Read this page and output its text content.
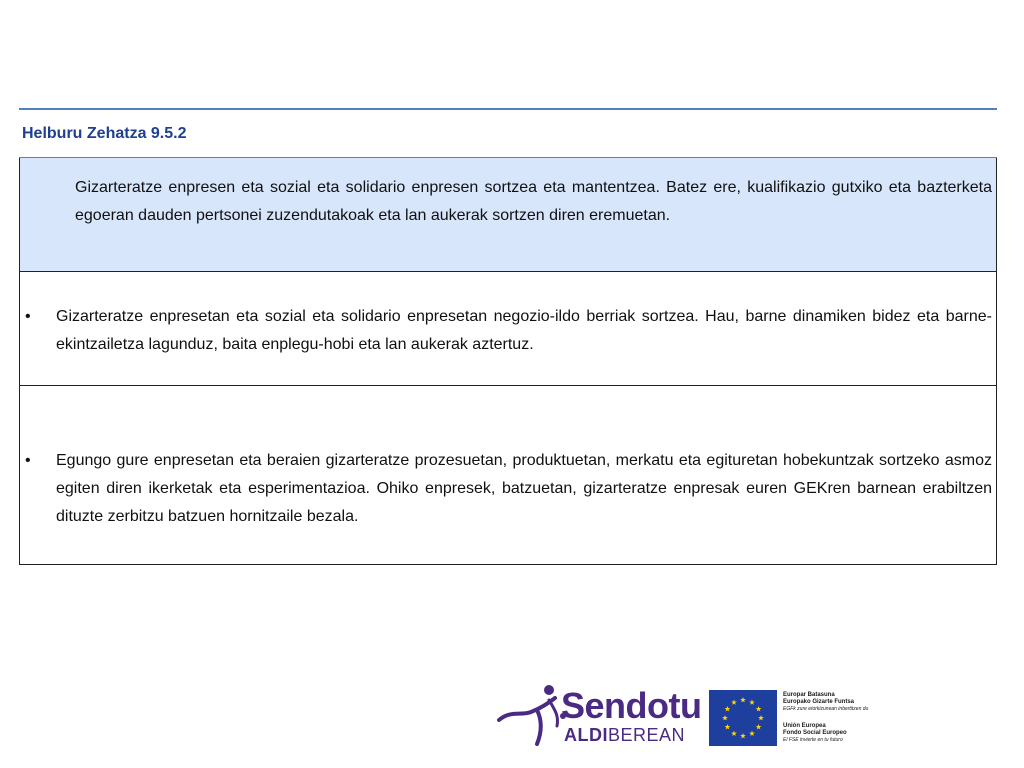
Helburu Zehatza 9.5.2
Gizarteratze enpresen eta sozial eta solidario enpresen sortzea eta mantentzea. Batez ere, kualifikazio gutxiko eta bazterketa egoeran dauden pertsonei zuzendutakoak eta lan aukerak sortzen diren eremuetan.
• Gizarteratze enpresetan eta sozial eta solidario enpresetan negozio-ildo berriak sortzea. Hau, barne dinamiken bidez eta barne-ekintzailetza lagunduz, baita enplegu-hobi eta lan aukerak aztertuz.
• Egungo gure enpresetan eta beraien gizarteratze prozesuetan, produktuetan, merkatu eta egituretan hobekuntzak sortzeko asmoz egiten diren ikerketak eta esperimentazioa. Ohiko enpresek, batzuetan, gizarteratze enpresak euren GEKren barnean erabiltzen dituzte zerbitzu batzuen hornitzaile bezala.
Sendotu
ALDIBEREAN
Europar Batasuna
Europako Gizarte Funtsa
EGFk zure etorkizunean inbertitzen du
Unión Europea
Fondo Social Europeo
El FSE invierte en tu futuro
